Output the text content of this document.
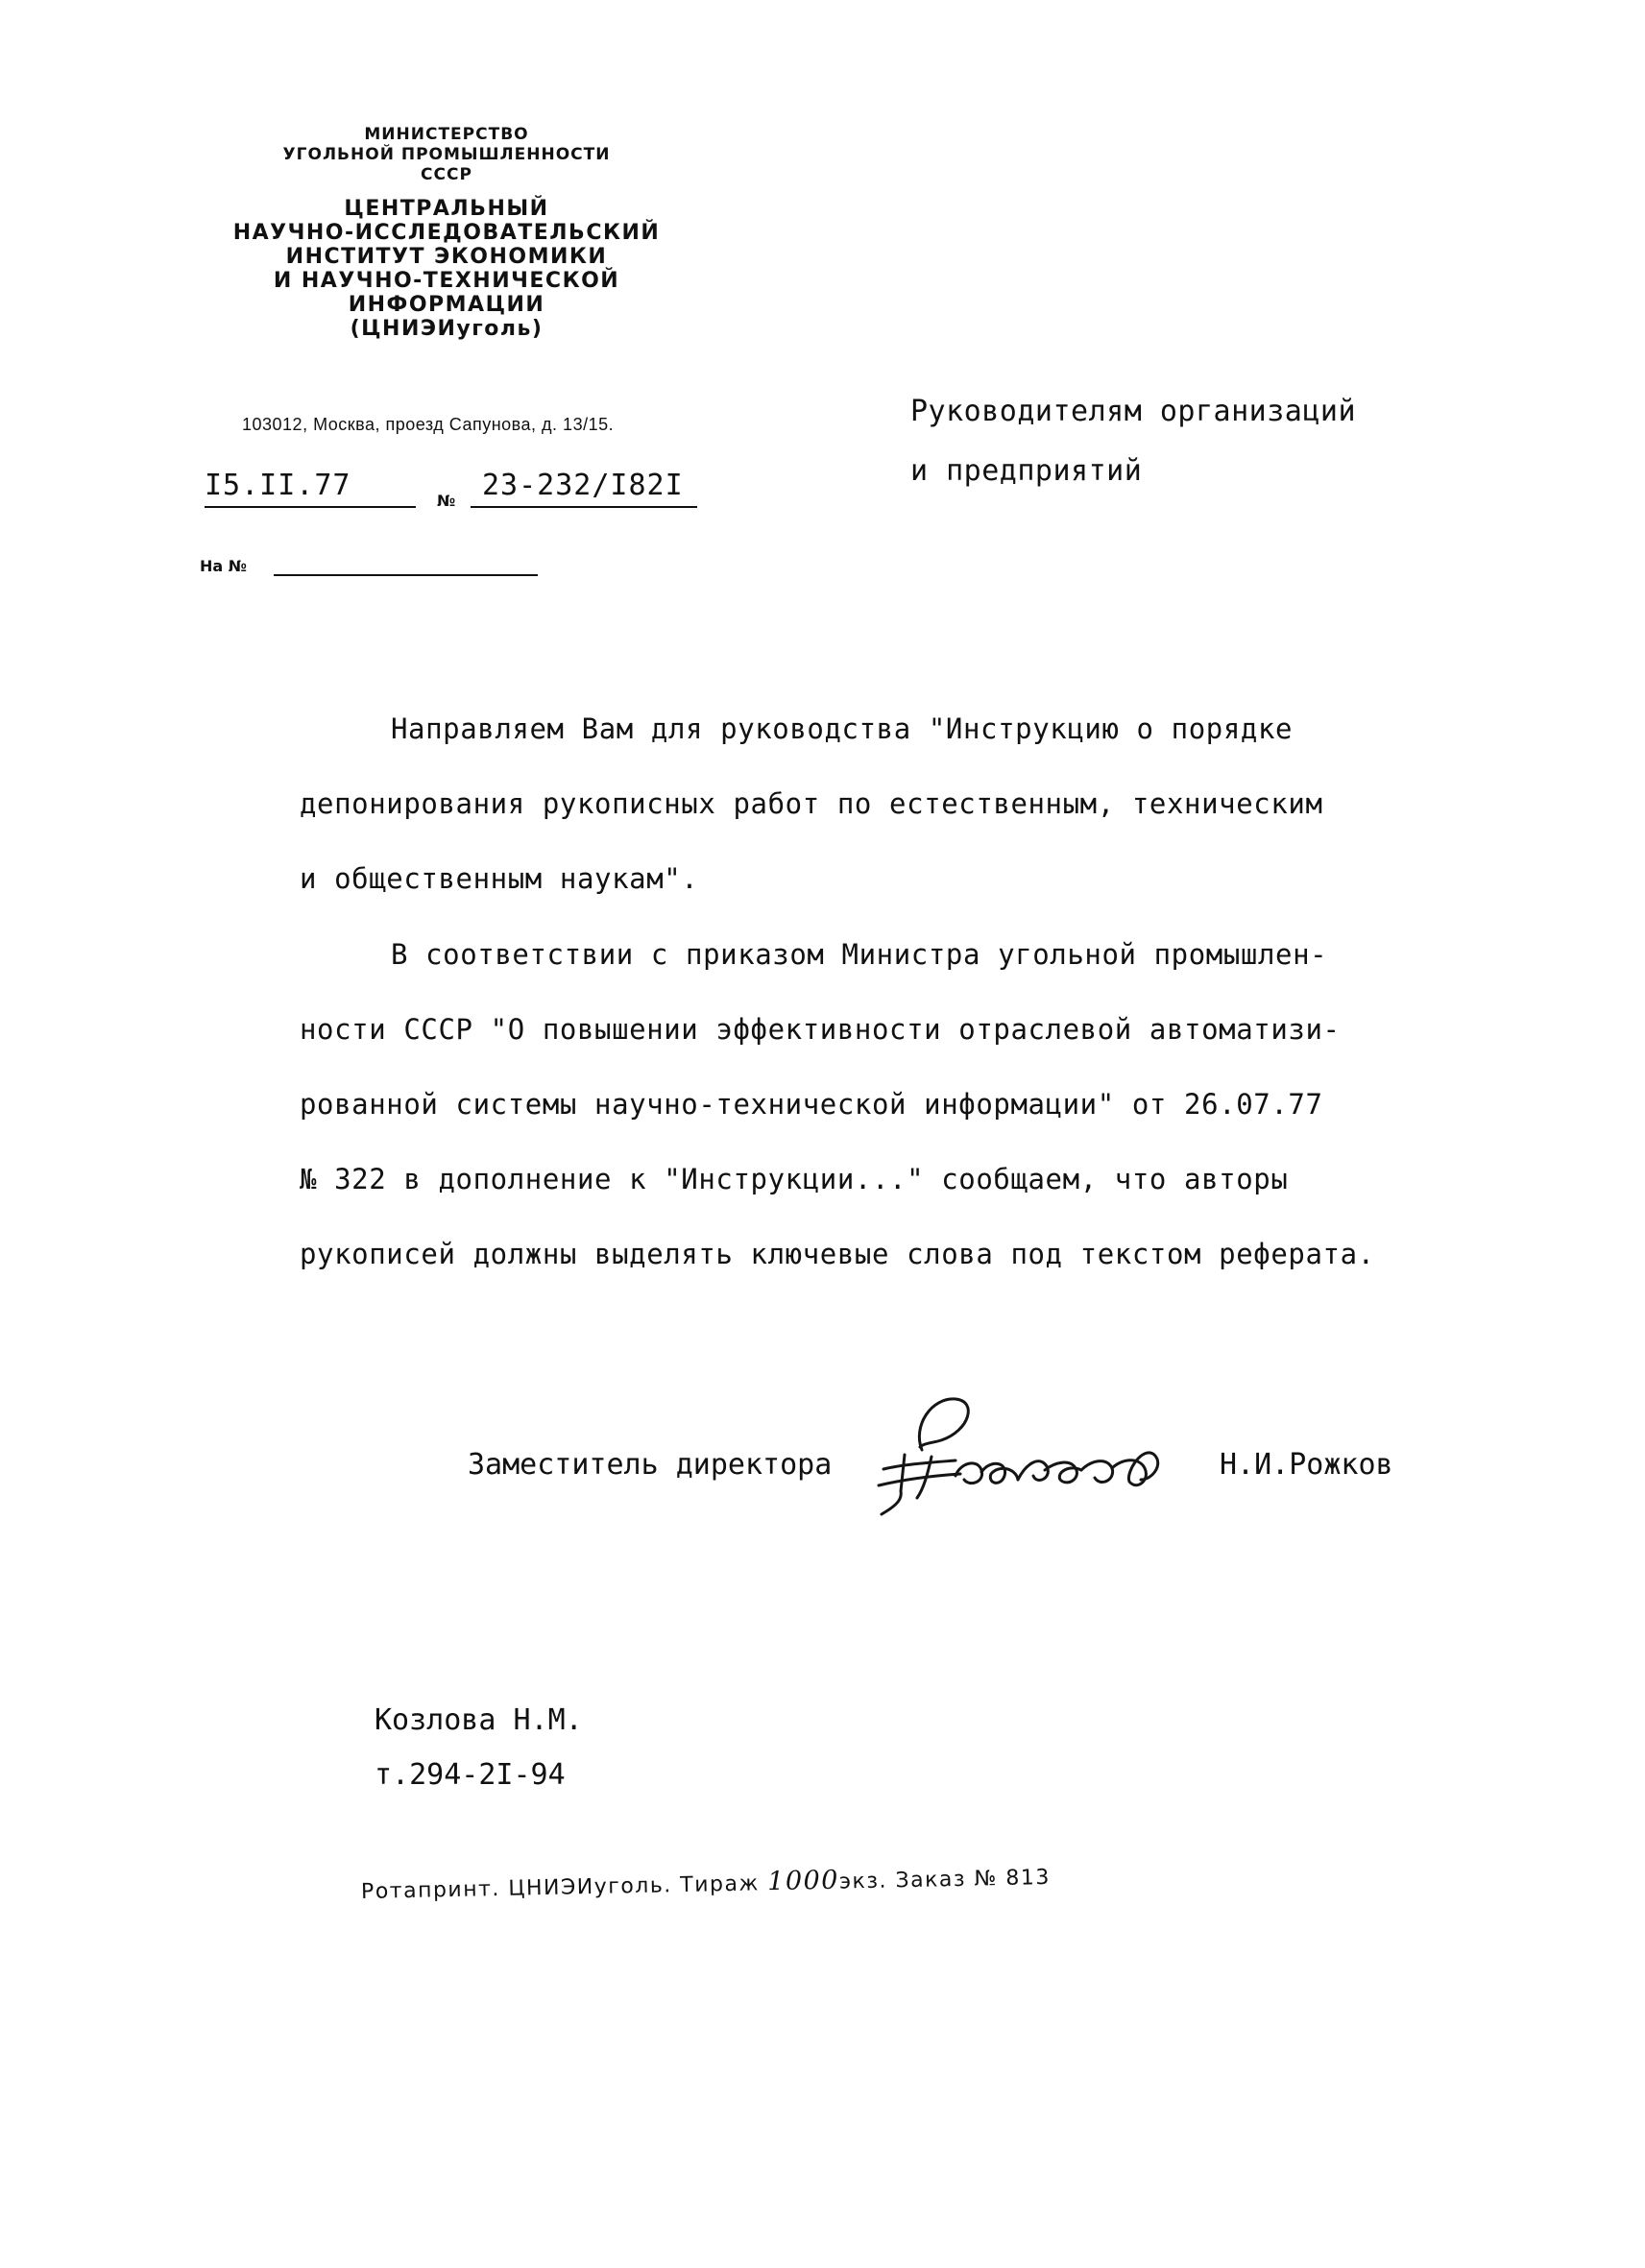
МИНИСТЕРСТВО
УГОЛЬНОЙ ПРОМЫШЛЕННОСТИ
СССР
ЦЕНТРАЛЬНЫЙ
НАУЧНО-ИССЛЕДОВАТЕЛЬСКИЙ
ИНСТИТУТ ЭКОНОМИКИ
И НАУЧНО-ТЕХНИЧЕСКОЙ
ИНФОРМАЦИИ
(ЦНИЭИуголь)
103012, Москва, проезд Сапунова, д. 13/15.
I5.II.77	№ 23-232/I82I
На №
Руководителям организаций
и предприятий
Направляем Вам для руководства "Инструкцию о порядке
депонирования рукописных работ по естественным, техническим
и общественным наукам".
В соответствии с приказом Министра угольной промышлен-
ности СССР "О повышении эффективности отраслевой автоматизи-
рованной системы научно-технической информации" от 26.07.77
№ 322 в дополнение к "Инструкции..." сообщаем, что авторы
рукописей должны выделять ключевые слова под текстом реферата.
Заместитель директора	Н.И.Рожков
Козлова Н.М.
т.294-2I-94
Ротапринт. ЦНИЭИуголь. Тираж 1000экз. Заказ № 813
